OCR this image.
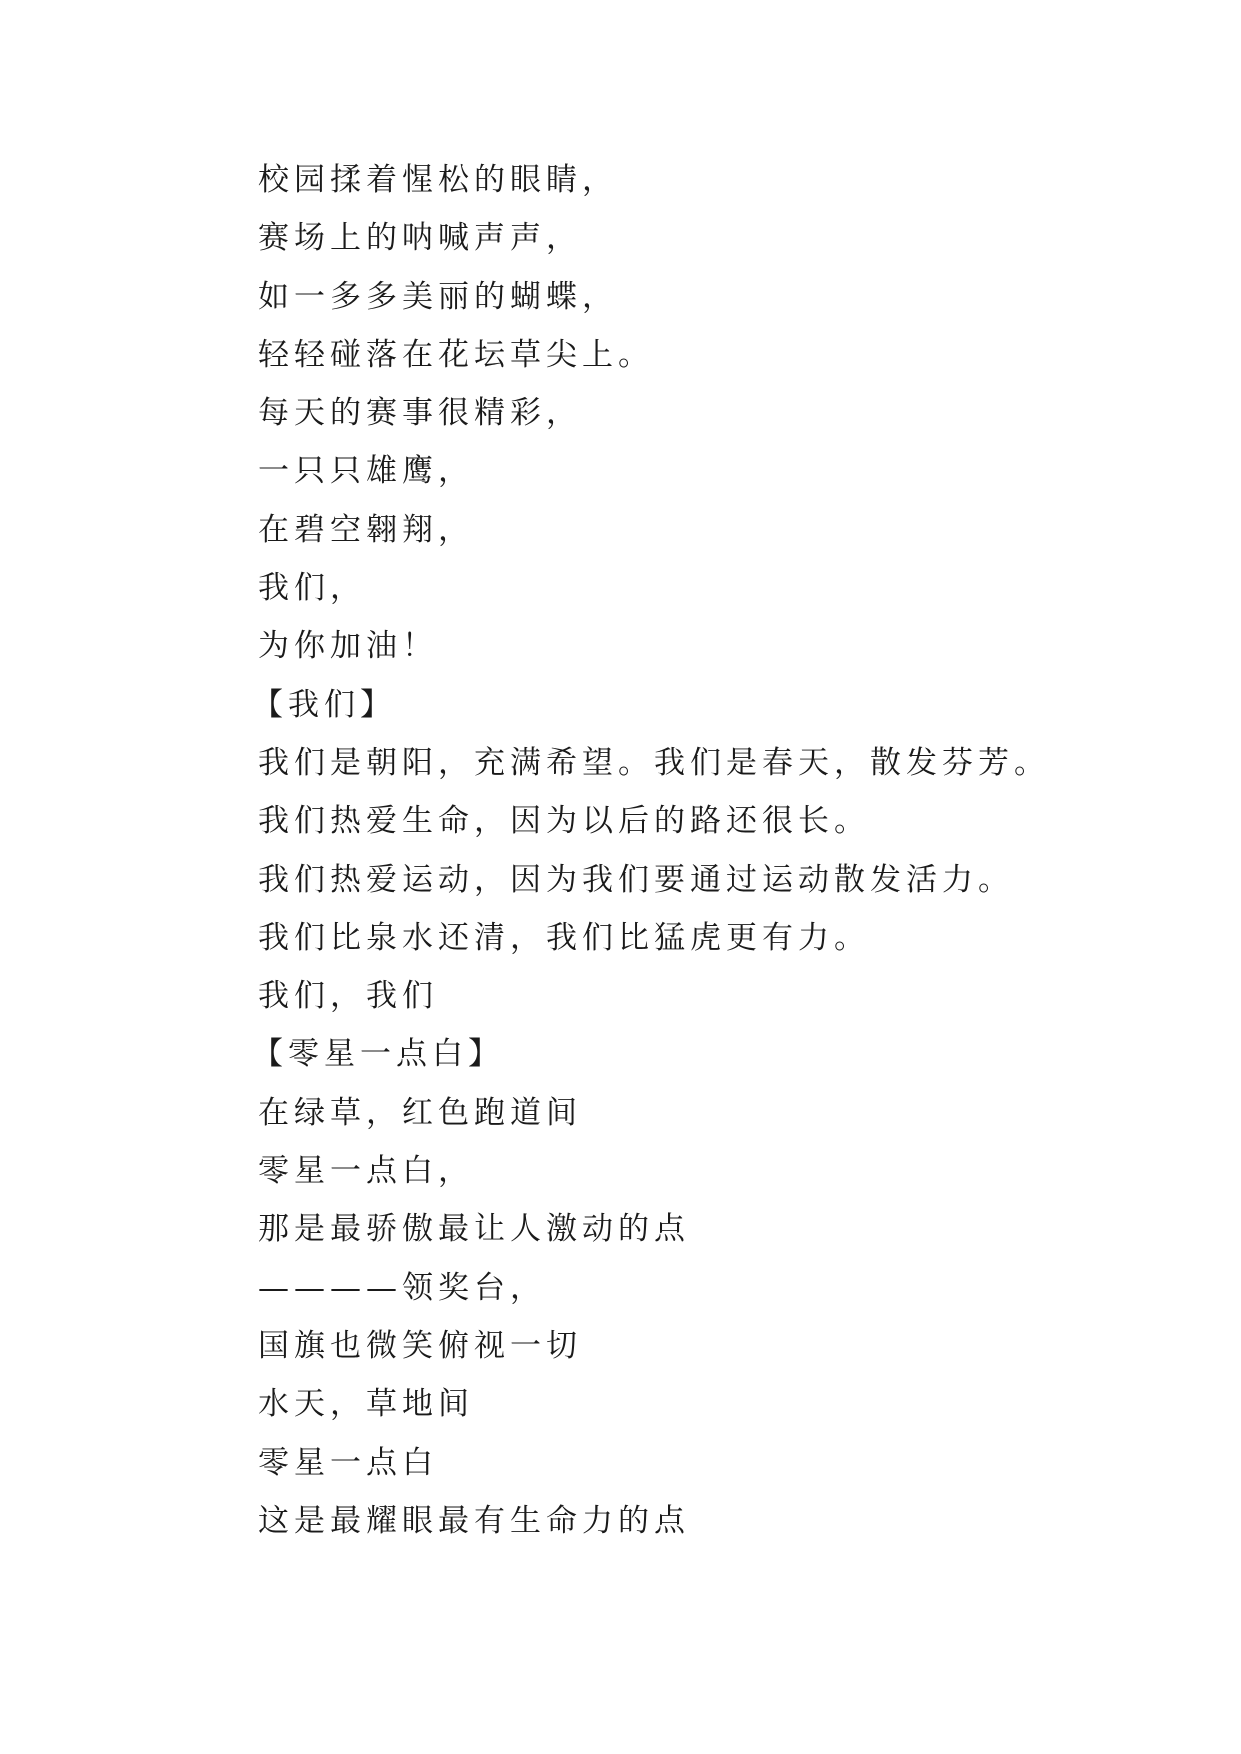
校园揉着惺松的眼睛，
赛场上的呐喊声声，
如一多多美丽的蝴蝶，
轻轻碰落在花坛草尖上。
每天的赛事很精彩，
一只只雄鹰，
在碧空翱翔，
我们，
为你加油！
【我们】
我们是朝阳，充满希望。我们是春天，散发芬芳。
我们热爱生命，因为以后的路还很长。
我们热爱运动，因为我们要通过运动散发活力。
我们比泉水还清，我们比猛虎更有力。
我们，我们
【零星一点白】
在绿草，红色跑道间
零星一点白，
那是最骄傲最让人激动的点
————领奖台，
国旗也微笑俯视一切
水天，草地间
零星一点白
这是最耀眼最有生命力的点
